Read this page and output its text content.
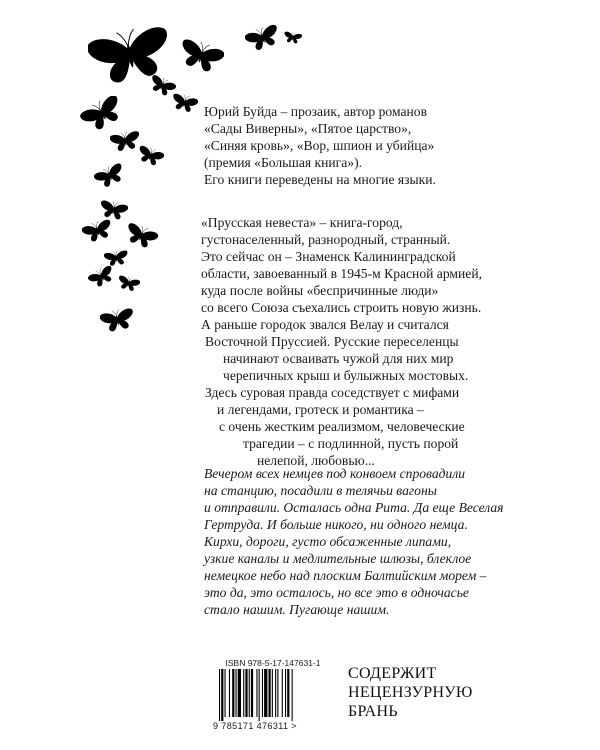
Юрий Буйда – прозаик, автор романов
«Сады Виверны», «Пятое царство»,
«Синяя кровь», «Вор, шпион и убийца»
(премия «Большая книга»).
Его книги переведены на многие языки.
«Прусская невеста» – книга-город,
густонаселенный, разнородный, странный.
Это сейчас он – Знаменск Калининградской
области, завоеванный в 1945-м Красной армией,
куда после войны «беспричинные люди»
со всего Союза съехались строить новую жизнь.
А раньше городок звался Велау и считался
Восточной Пруссией. Русские переселенцы
начинают осваивать чужой для них мир
черепичных крыш и булыжных мостовых.
Здесь суровая правда соседствует с мифами
и легендами, гротеск и романтика –
с очень жестким реализмом, человеческие
трагедии – с подлинной, пусть порой
нелепой, любовью...
Вечером всех немцев под конвоем спровадили
на станцию, посадили в телячьи вагоны
и отправили. Осталась одна Рита. Да еще Веселая
Гертруда. И больше никого, ни одного немца.
Кирхи, дороги, густо обсаженные липами,
узкие каналы и медлительные шлюзы, блеклое
немецкое небо над плоским Балтийским морем –
это да, это осталось, но все это в одночасье
стало нашим. Пугающе нашим.
ISBN 978-5-17-147631-1
9 785171 476311 >
СОДЕРЖИТ
НЕЦЕНЗУРНУЮ
БРАНЬ
